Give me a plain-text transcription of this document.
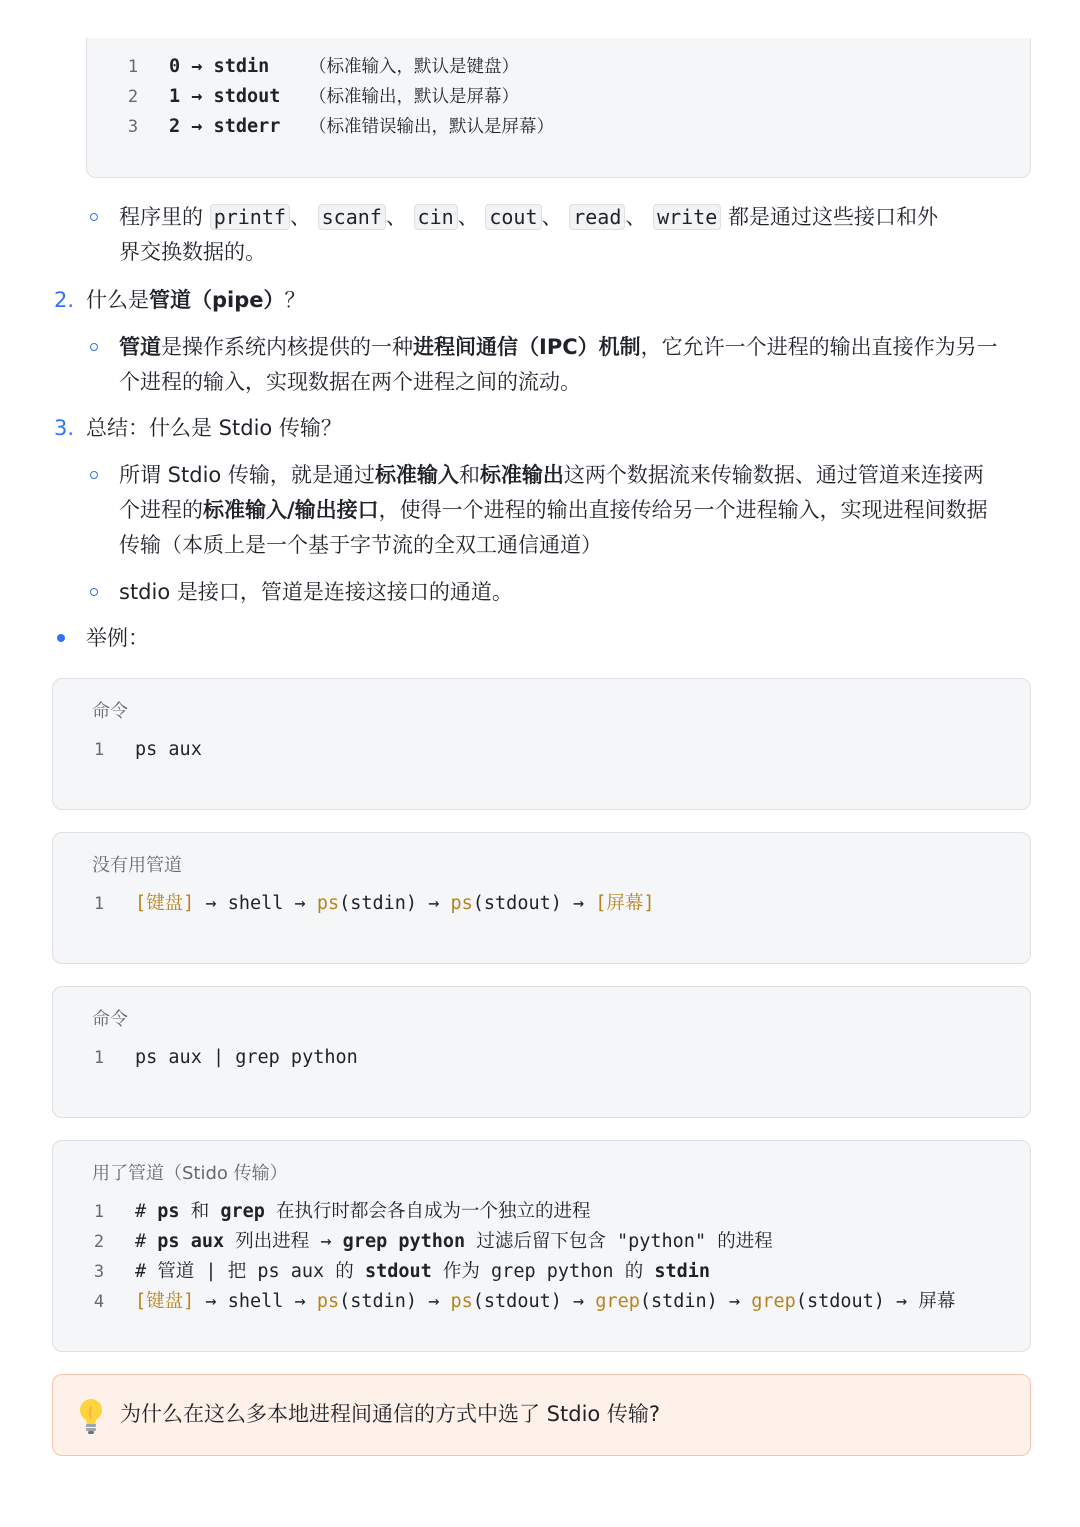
1 0 → stdin （标准输入，默认是键盘）
2 1 → stdout （标准输出，默认是屏幕）
3 2 → stderr （标准错误输出，默认是屏幕）
程序里的 printf 、 scanf 、 cin 、 cout 、 read 、 write 都是通过这些接口和外
界交换数据的。
2. 什么是管道（pipe）？
管道是操作系统内核提供的一种进程间通信（IPC）机制，它允许一个进程的输出直接作为另一
个进程的输入，实现数据在两个进程之间的流动。
3. 总结：什么是 Stdio 传输？
所谓 Stdio 传输，就是通过标准输入和标准输出这两个数据流来传输数据、通过管道来连接两
个进程的标准输入/输出接口，使得一个进程的输出直接传给另一个进程输入，实现进程间数据
传输（本质上是一个基于字节流的全双工通信通道）
stdio 是接口，管道是连接这接口的通道。
举例：
命令
1 ps aux
没有用管道
1 [键盘] → shell → ps(stdin) → ps(stdout) → [屏幕]
命令
1 ps aux | grep python
用了管道（Stido 传输）
1 # ps 和 grep 在执行时都会各自成为一个独立的进程
2 # ps aux 列出进程 → grep python 过滤后留下包含 "python" 的进程
3 # 管道 | 把 ps aux 的 stdout 作为 grep python 的 stdin
4 [键盘] → shell → ps(stdin) → ps(stdout) → grep(stdin) → grep(stdout) → 屏幕
为什么在这么多本地进程间通信的方式中选了 Stdio 传输?
